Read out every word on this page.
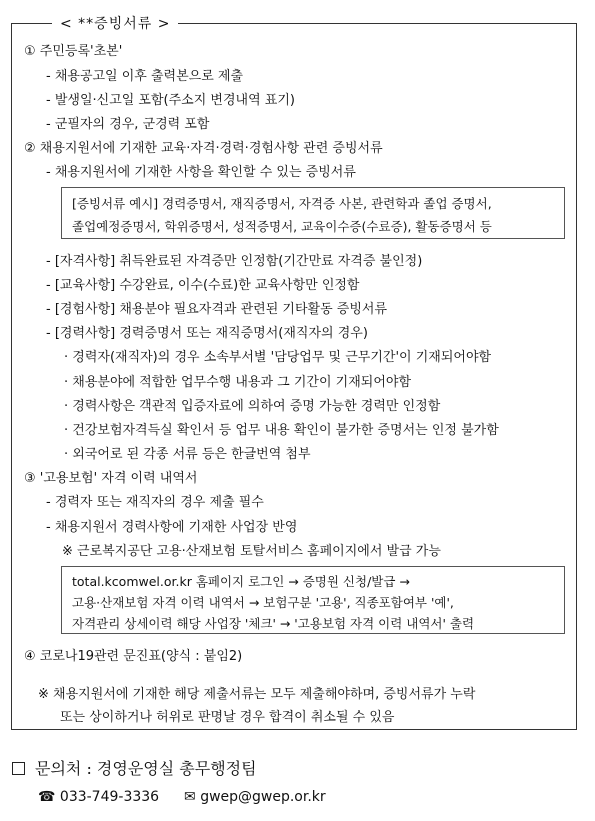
< **증빙서류 >
① 주민등록'초본'
- 채용공고일 이후 출력본으로 제출
- 발생일·신고일 포함(주소지 변경내역 표기)
- 군필자의 경우, 군경력 포함
② 채용지원서에 기재한 교육·자격·경력·경험사항 관련 증빙서류
- 채용지원서에 기재한 사항을 확인할 수 있는 증빙서류
[증빙서류 예시] 경력증명서, 재직증명서, 자격증 사본, 관련학과 졸업 증명서,
졸업예정증명서, 학위증명서, 성적증명서, 교육이수증(수료증), 활동증명서 등
- [자격사항] 취득완료된 자격증만 인정함(기간만료 자격증 불인정)
- [교육사항] 수강완료, 이수(수료)한 교육사항만 인정함
- [경험사항] 채용분야 필요자격과 관련된 기타활동 증빙서류
- [경력사항] 경력증명서 또는 재직증명서(재직자의 경우)
· 경력자(재직자)의 경우 소속부서별 '담당업무 및 근무기간'이 기재되어야함
· 채용분야에 적합한 업무수행 내용과 그 기간이 기재되어야함
· 경력사항은 객관적 입증자료에 의하여 증명 가능한 경력만 인정함
· 건강보험자격득실 확인서 등 업무 내용 확인이 불가한 증명서는 인정 불가함
· 외국어로 된 각종 서류 등은 한글번역 첨부
③ '고용보험' 자격 이력 내역서
- 경력자 또는 재직자의 경우 제출 필수
- 채용지원서 경력사항에 기재한 사업장 반영
※ 근로복지공단 고용·산재보험 토탈서비스 홈페이지에서 발급 가능
total.kcomwel.or.kr 홈페이지 로그인 → 증명원 신청/발급 →
고용·산재보험 자격 이력 내역서 → 보험구분 '고용', 직종포함여부 '예',
자격관리 상세이력 해당 사업장 '체크' → '고용보험 자격 이력 내역서' 출력
④ 코로나19관련 문진표(양식 : 붙임2)
※ 채용지원서에 기재한 해당 제출서류는 모두 제출해야하며, 증빙서류가 누락
또는 상이하거나 허위로 판명날 경우 합격이 취소될 수 있음
문의처 : 경영운영실 총무행정팀
☎ 033-749-3336 ✉ gwep@gwep.or.kr
